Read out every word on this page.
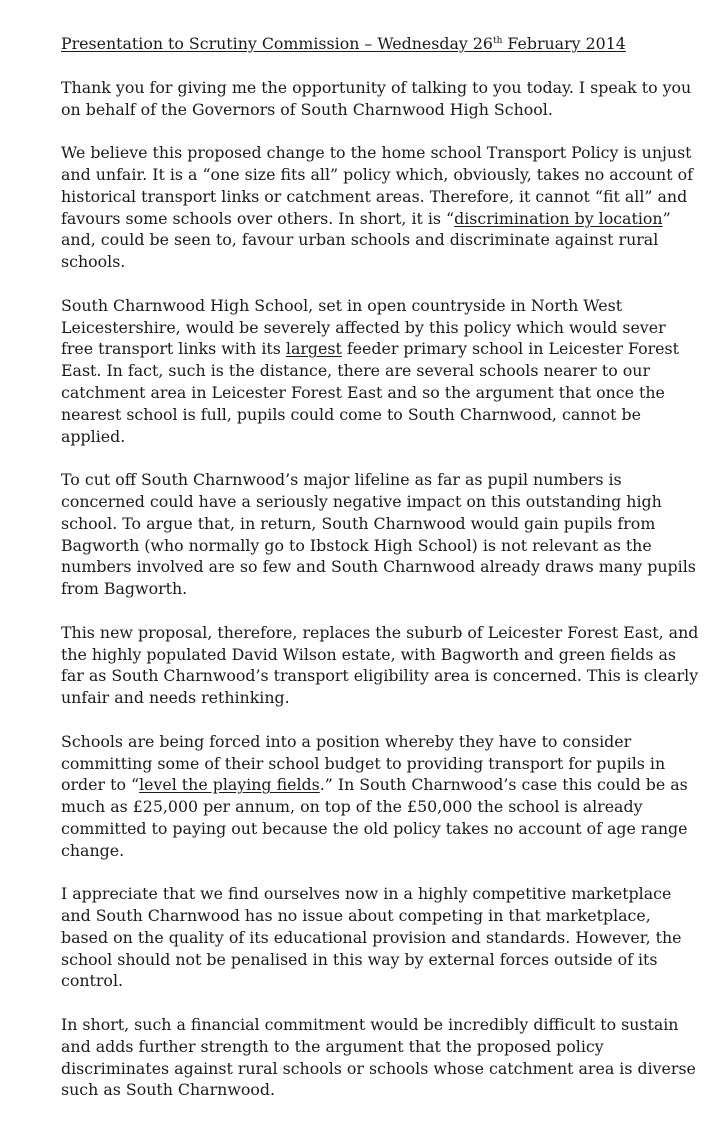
Presentation to Scrutiny Commission – Wednesday 26th February 2014

Thank you for giving me the opportunity of talking to you today. I speak to you on behalf of the Governors of South Charnwood High School.

We believe this proposed change to the home school Transport Policy is unjust and unfair. It is a “one size fits all” policy which, obviously, takes no account of historical transport links or catchment areas. Therefore, it cannot “fit all” and favours some schools over others. In short, it is “discrimination by location” and, could be seen to, favour urban schools and discriminate against rural schools.

South Charnwood High School, set in open countryside in North West Leicestershire, would be severely affected by this policy which would sever free transport links with its largest feeder primary school in Leicester Forest East. In fact, such is the distance, there are several schools nearer to our catchment area in Leicester Forest East and so the argument that once the nearest school is full, pupils could come to South Charnwood, cannot be applied.

To cut off South Charnwood’s major lifeline as far as pupil numbers is concerned could have a seriously negative impact on this outstanding high school. To argue that, in return, South Charnwood would gain pupils from Bagworth (who normally go to Ibstock High School) is not relevant as the numbers involved are so few and South Charnwood already draws many pupils from Bagworth.

This new proposal, therefore, replaces the suburb of Leicester Forest East, and the highly populated David Wilson estate, with Bagworth and green fields as far as South Charnwood’s transport eligibility area is concerned. This is clearly unfair and needs rethinking.

Schools are being forced into a position whereby they have to consider committing some of their school budget to providing transport for pupils in order to “level the playing fields.” In South Charnwood’s case this could be as much as £25,000 per annum, on top of the £50,000 the school is already committed to paying out because the old policy takes no account of age range change.

I appreciate that we find ourselves now in a highly competitive marketplace and South Charnwood has no issue about competing in that marketplace, based on the quality of its educational provision and standards. However, the school should not be penalised in this way by external forces outside of its control.

In short, such a financial commitment would be incredibly difficult to sustain and adds further strength to the argument that the proposed policy discriminates against rural schools or schools whose catchment area is diverse such as South Charnwood.
